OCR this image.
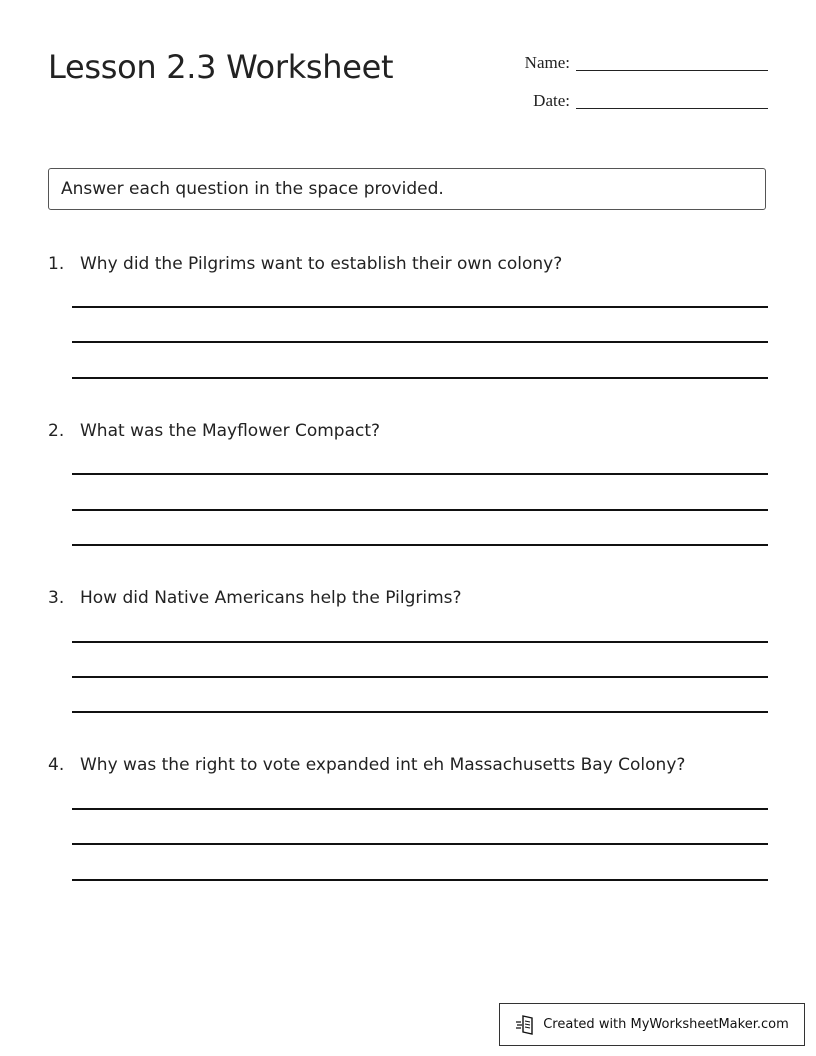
Lesson 2.3 Worksheet	Name:
Date:
Answer each question in the space provided.
1. Why did the Pilgrims want to establish their own colony?
2. What was the Mayflower Compact?
3. How did Native Americans help the Pilgrims?
4. Why was the right to vote expanded int eh Massachusetts Bay Colony?
Created with MyWorksheetMaker.com
